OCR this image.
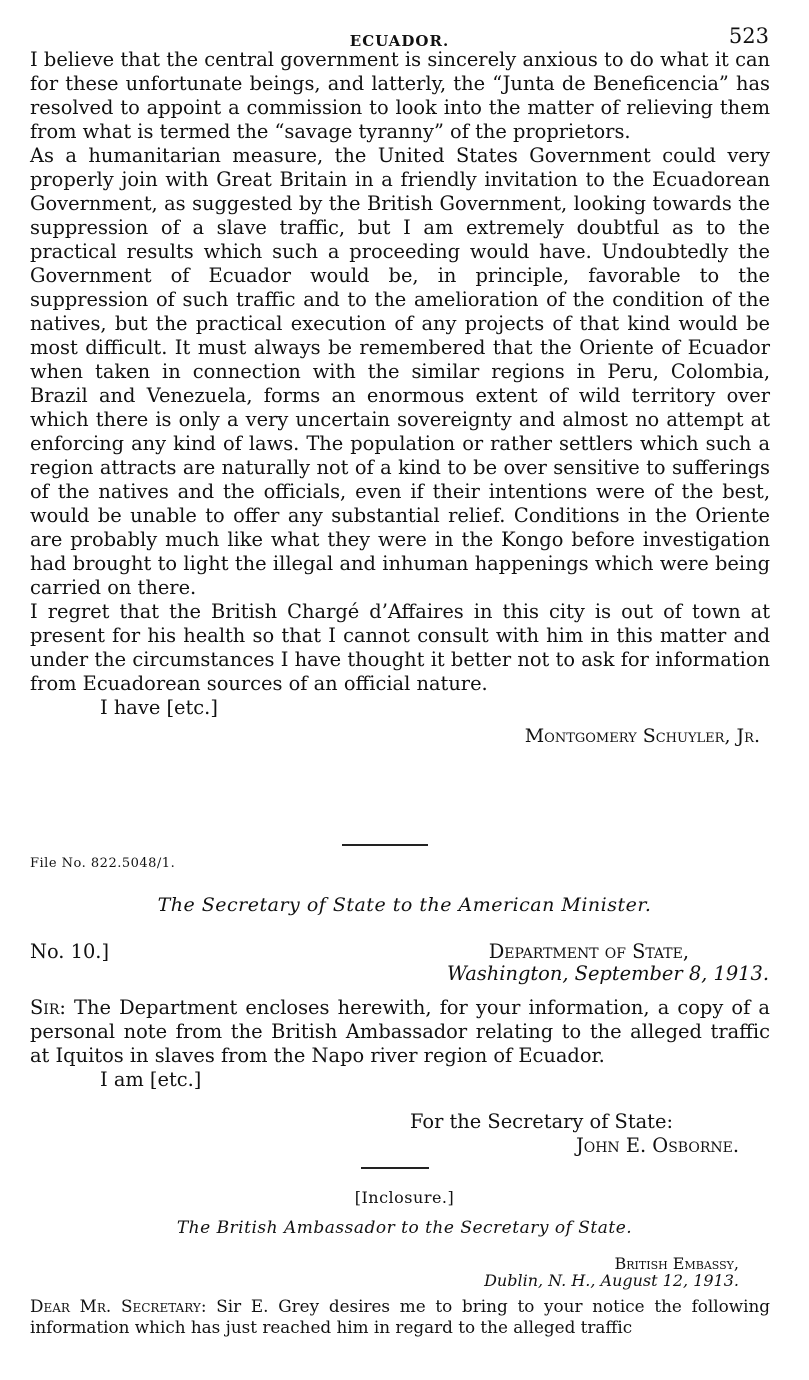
ECUADOR.	523

I believe that the central government is sincerely anxious to do what it can for these unfortunate beings, and latterly, the “Junta de Beneficencia” has resolved to appoint a commission to look into the matter of relieving them from what is termed the “savage tyranny” of the proprietors.

As a humanitarian measure, the United States Government could very properly join with Great Britain in a friendly invitation to the Ecuadorean Government, as suggested by the British Government, looking towards the suppression of a slave traffic, but I am extremely doubtful as to the practical results which such a proceeding would have. Undoubtedly the Government of Ecuador would be, in principle, favorable to the suppression of such traffic and to the amelioration of the condition of the natives, but the practical execution of any projects of that kind would be most difficult. It must always be remembered that the Oriente of Ecuador when taken in connection with the similar regions in Peru, Colombia, Brazil and Venezuela, forms an enormous extent of wild territory over which there is only a very uncertain sovereignty and almost no attempt at enforcing any kind of laws. The population or rather settlers which such a region attracts are naturally not of a kind to be over sensitive to sufferings of the natives and the officials, even if their intentions were of the best, would be unable to offer any substantial relief. Conditions in the Oriente are probably much like what they were in the Kongo before investigation had brought to light the illegal and inhuman happenings which were being carried on there.

I regret that the British Chargé d’Affaires in this city is out of town at present for his health so that I cannot consult with him in this matter and under the circumstances I have thought it better not to ask for information from Ecuadorean sources of an official nature.

I have [etc.]

Montgomery Schuyler, Jr.

File No. 822.5048/1.
The Secretary of State to the American Minister.
No. 10.]	Department of State,
Washington, September 8, 1913.

Sir: The Department encloses herewith, for your information, a copy of a personal note from the British Ambassador relating to the alleged traffic at Iquitos in slaves from the Napo river region of Ecuador.

I am [etc.]

For the Secretary of State:
John E. Osborne.
[Inclosure.]
The British Ambassador to the Secretary of State.
British Embassy,
Dublin, N. H., August 12, 1913.

Dear Mr. Secretary: Sir E. Grey desires me to bring to your notice the following information which has just reached him in regard to the alleged traffic
